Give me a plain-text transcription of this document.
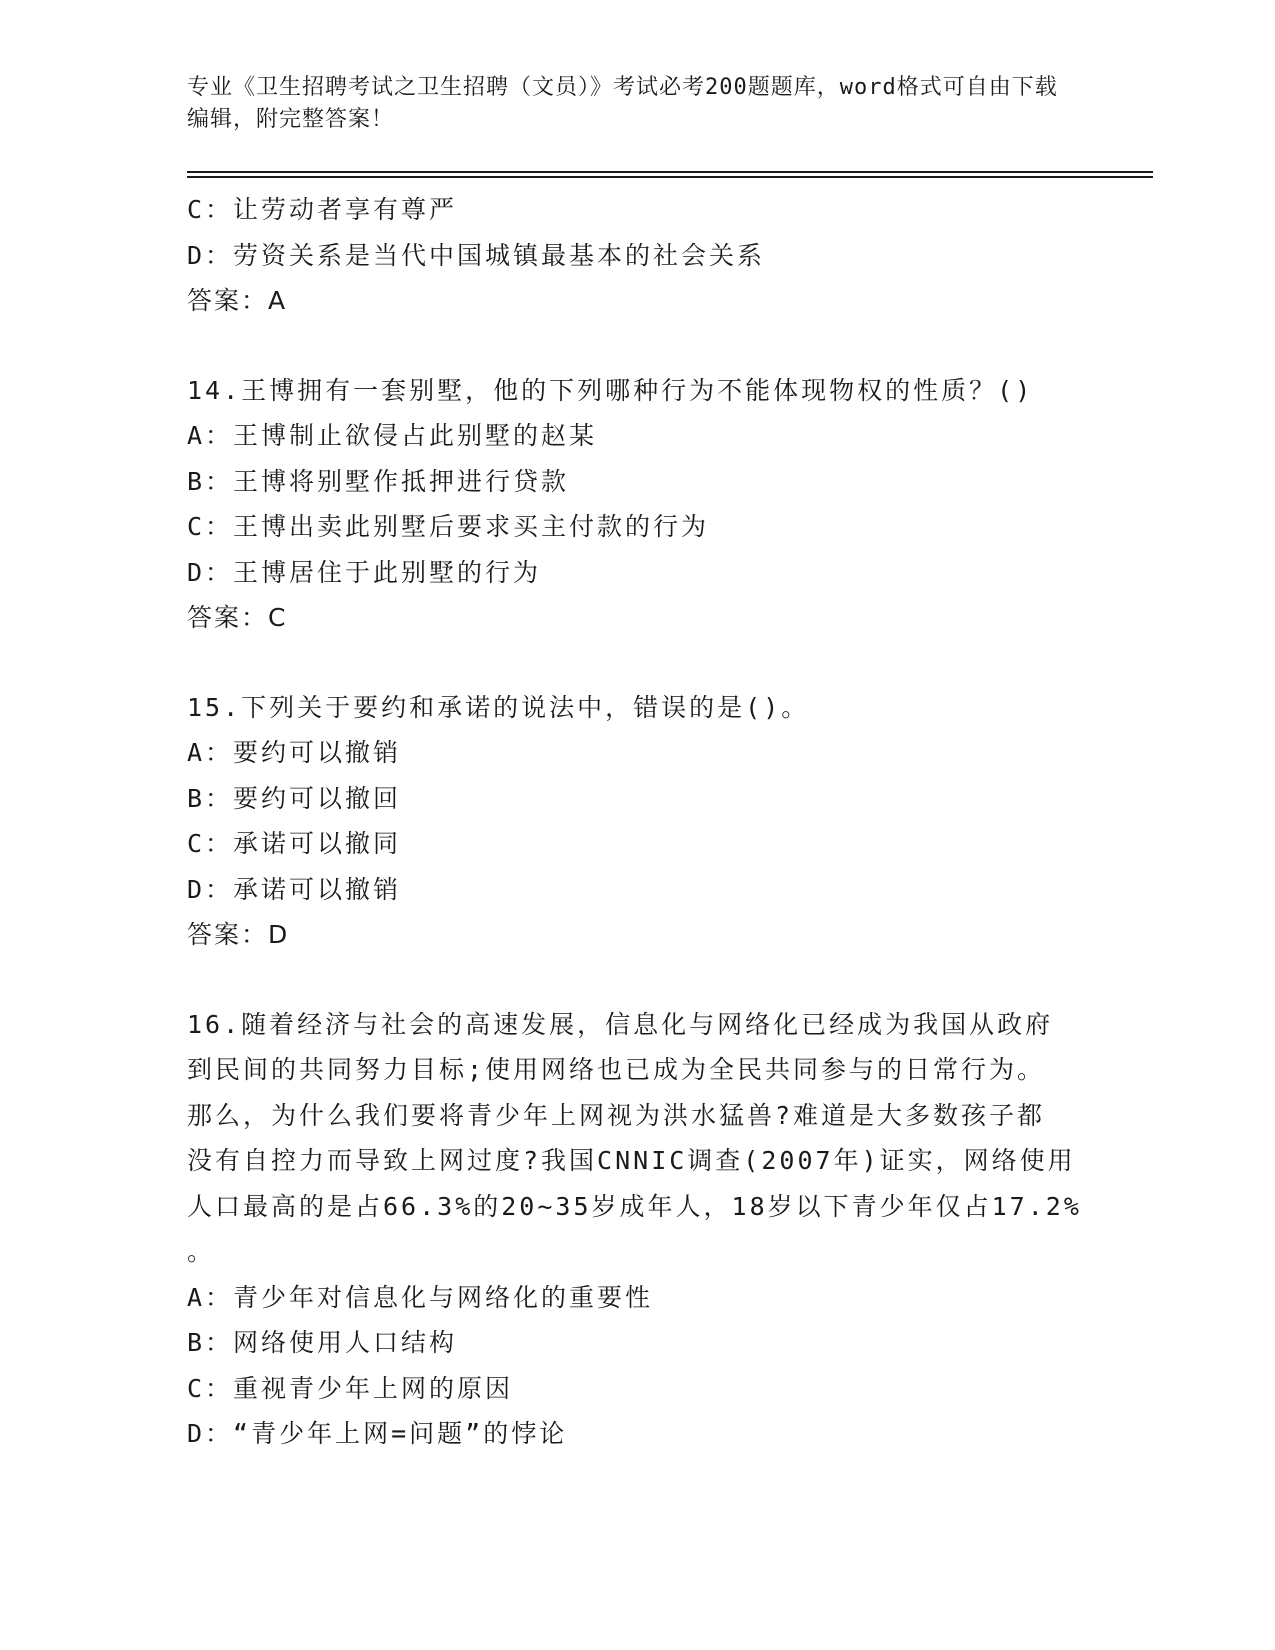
专业《卫生招聘考试之卫生招聘（文员）》考试必考200题题库，word格式可自由下载编辑，附完整答案！
C：让劳动者享有尊严
D：劳资关系是当代中国城镇最基本的社会关系
答案：A
14.王博拥有一套别墅，他的下列哪种行为不能体现物权的性质？()
A：王博制止欲侵占此别墅的赵某
B：王博将别墅作抵押进行贷款
C：王博出卖此别墅后要求买主付款的行为
D：王博居住于此别墅的行为
答案：C
15.下列关于要约和承诺的说法中，错误的是()。
A：要约可以撤销
B：要约可以撤回
C：承诺可以撤同
D：承诺可以撤销
答案：D
16.随着经济与社会的高速发展，信息化与网络化已经成为我国从政府
到民间的共同努力目标;使用网络也已成为全民共同参与的日常行为。
那么，为什么我们要将青少年上网视为洪水猛兽?难道是大多数孩子都
没有自控力而导致上网过度?我国CNNIC调查(2007年)证实，网络使用
人口最高的是占66.3%的20~35岁成年人，18岁以下青少年仅占17.2%
。
A：青少年对信息化与网络化的重要性
B：网络使用人口结构
C：重视青少年上网的原因
D：“青少年上网=问题”的悖论
